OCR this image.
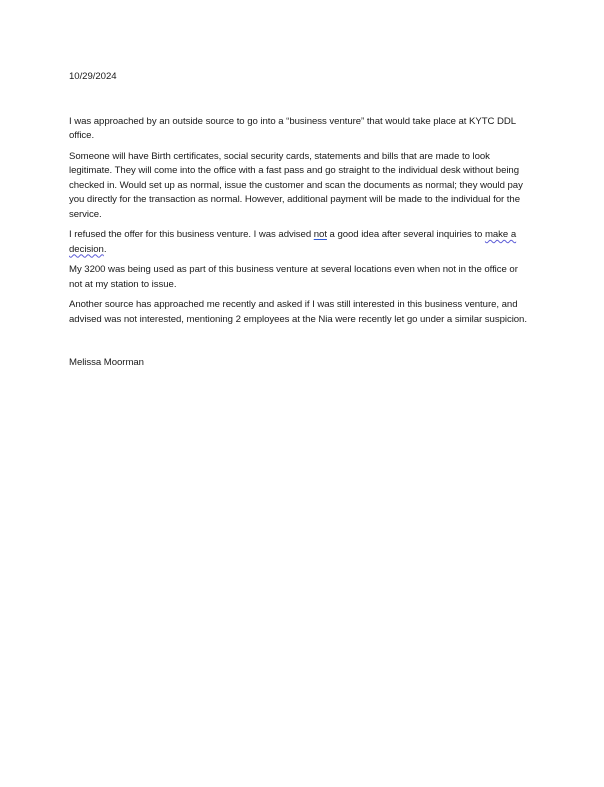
10/29/2024

I was approached by an outside source to go into a “business venture” that would take place at KYTC DDL office.

Someone will have Birth certificates, social security cards, statements and bills that are made to look legitimate. They will come into the office with a fast pass and go straight to the individual desk without being checked in. Would set up as normal, issue the customer and scan the documents as normal; they would pay you directly for the transaction as normal. However, additional payment will be made to the individual for the service.

I refused the offer for this business venture. I was advised not a good idea after several inquiries to make a decision.

My 3200 was being used as part of this business venture at several locations even when not in the office or not at my station to issue.

Another source has approached me recently and asked if I was still interested in this business venture, and advised was not interested, mentioning 2 employees at the Nia were recently let go under a similar suspicion.

Melissa Moorman
